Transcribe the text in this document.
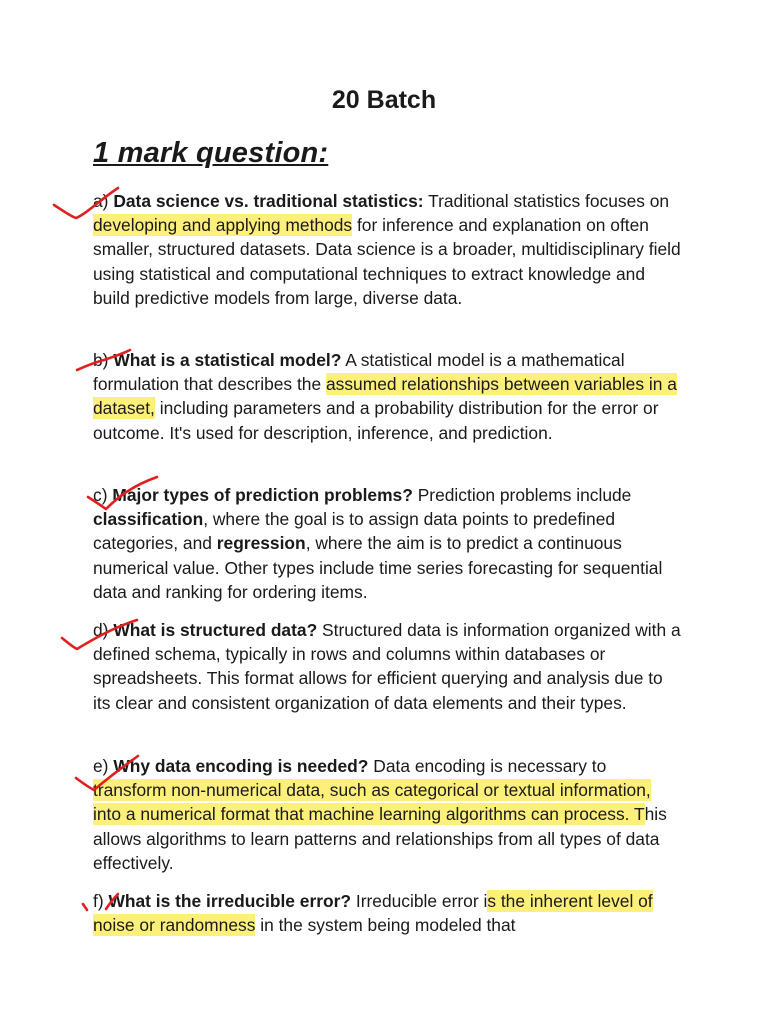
20 Batch
1 mark question:

a) Data science vs. traditional statistics: Traditional statistics focuses on developing and applying methods for inference and explanation on often smaller, structured datasets. Data science is a broader, multidisciplinary field using statistical and computational techniques to extract knowledge and build predictive models from large, diverse data.

b) What is a statistical model? A statistical model is a mathematical formulation that describes the assumed relationships between variables in a dataset, including parameters and a probability distribution for the error or outcome. It's used for description, inference, and prediction.

c) Major types of prediction problems? Prediction problems include classification, where the goal is to assign data points to predefined categories, and regression, where the aim is to predict a continuous numerical value. Other types include time series forecasting for sequential data and ranking for ordering items.

d) What is structured data? Structured data is information organized with a defined schema, typically in rows and columns within databases or spreadsheets. This format allows for efficient querying and analysis due to its clear and consistent organization of data elements and their types.

e) Why data encoding is needed? Data encoding is necessary to transform non-numerical data, such as categorical or textual information, into a numerical format that machine learning algorithms can process. This allows algorithms to learn patterns and relationships from all types of data effectively.

f) What is the irreducible error? Irreducible error is the inherent level of noise or randomness in the system being modeled that
